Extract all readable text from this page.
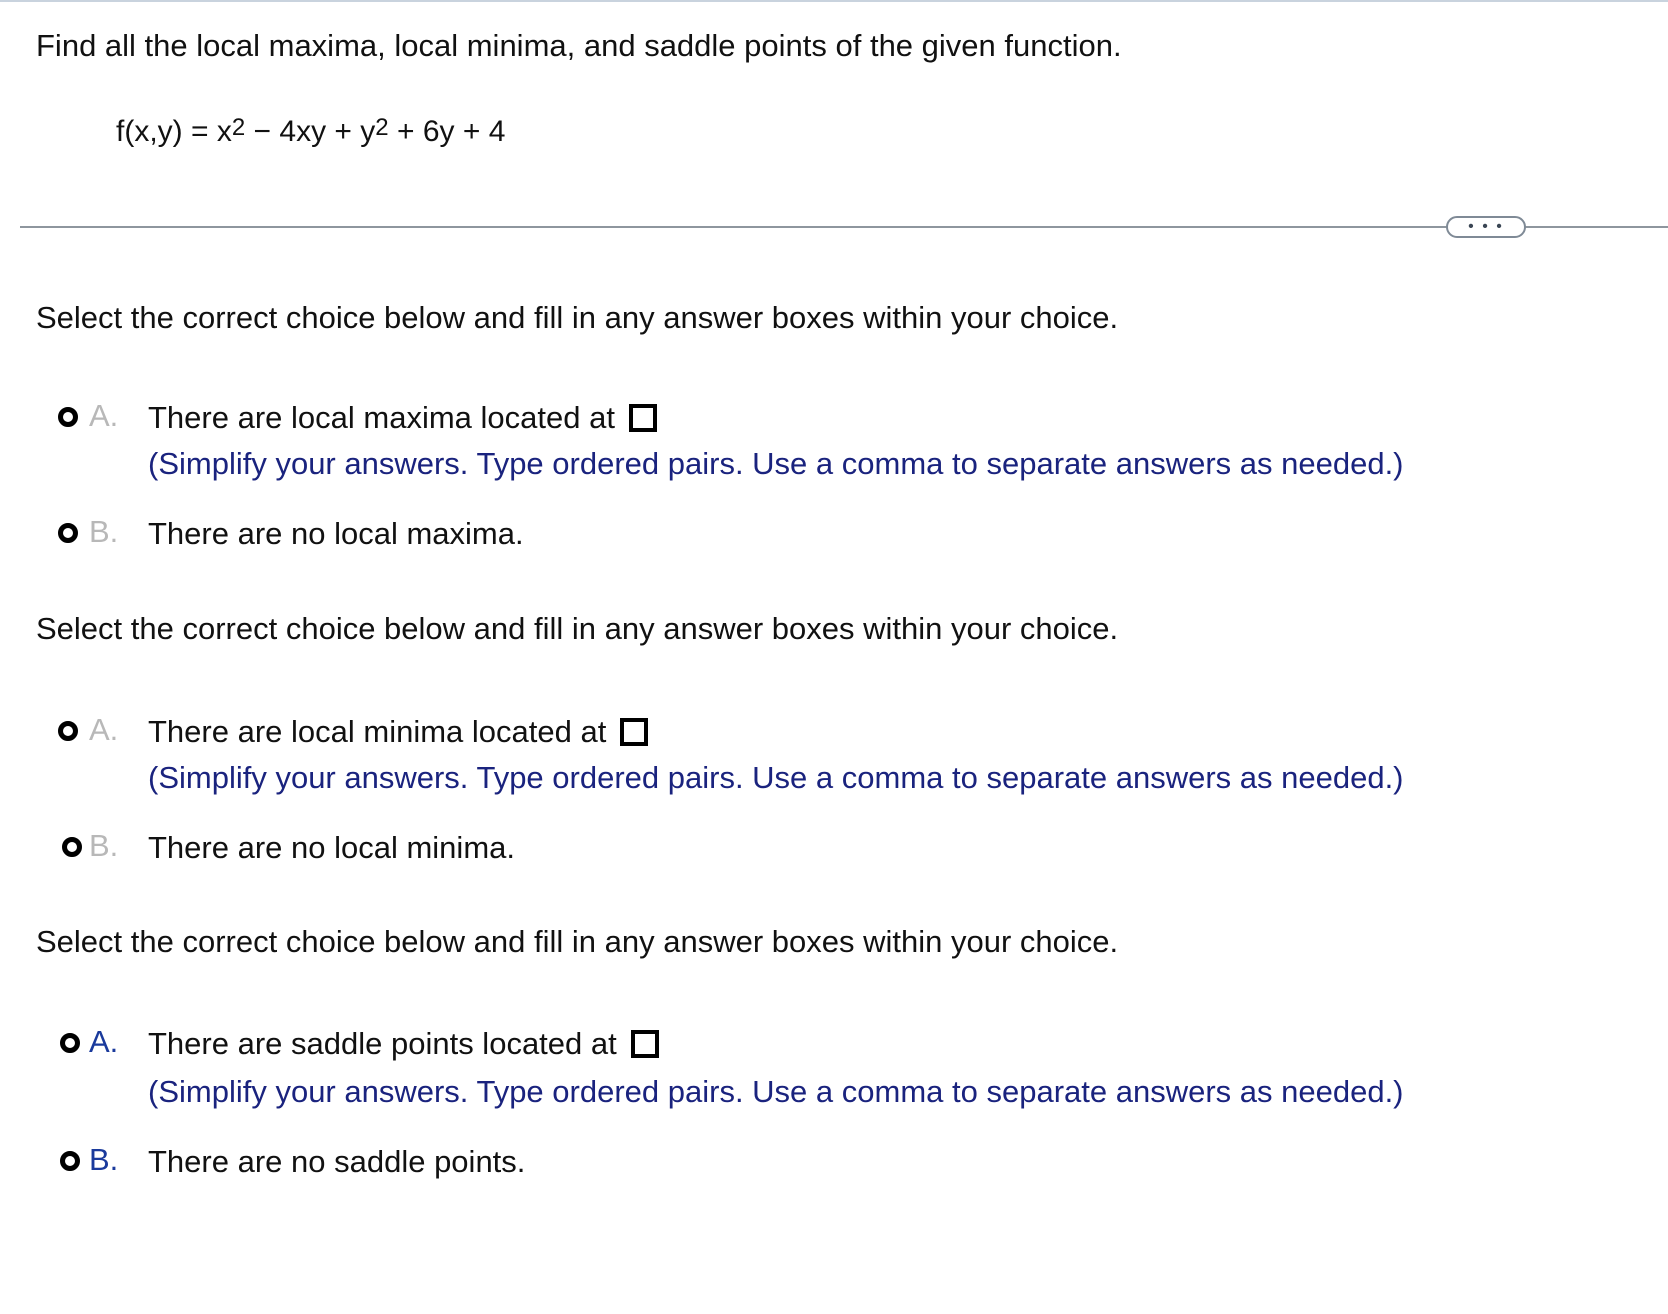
Find all the local maxima, local minima, and saddle points of the given function.
$f(x,y) = x^2 - 4xy + y^2 + 6y + 4$
• • •
Select the correct choice below and fill in any answer boxes within your choice.
A. There are local maxima located at
(Simplify your answers. Type ordered pairs. Use a comma to separate answers as needed.)
B. There are no local maxima.
Select the correct choice below and fill in any answer boxes within your choice.
A. There are local minima located at
(Simplify your answers. Type ordered pairs. Use a comma to separate answers as needed.)
B. There are no local minima.
Select the correct choice below and fill in any answer boxes within your choice.
A. There are saddle points located at
(Simplify your answers. Type ordered pairs. Use a comma to separate answers as needed.)
B. There are no saddle points.
